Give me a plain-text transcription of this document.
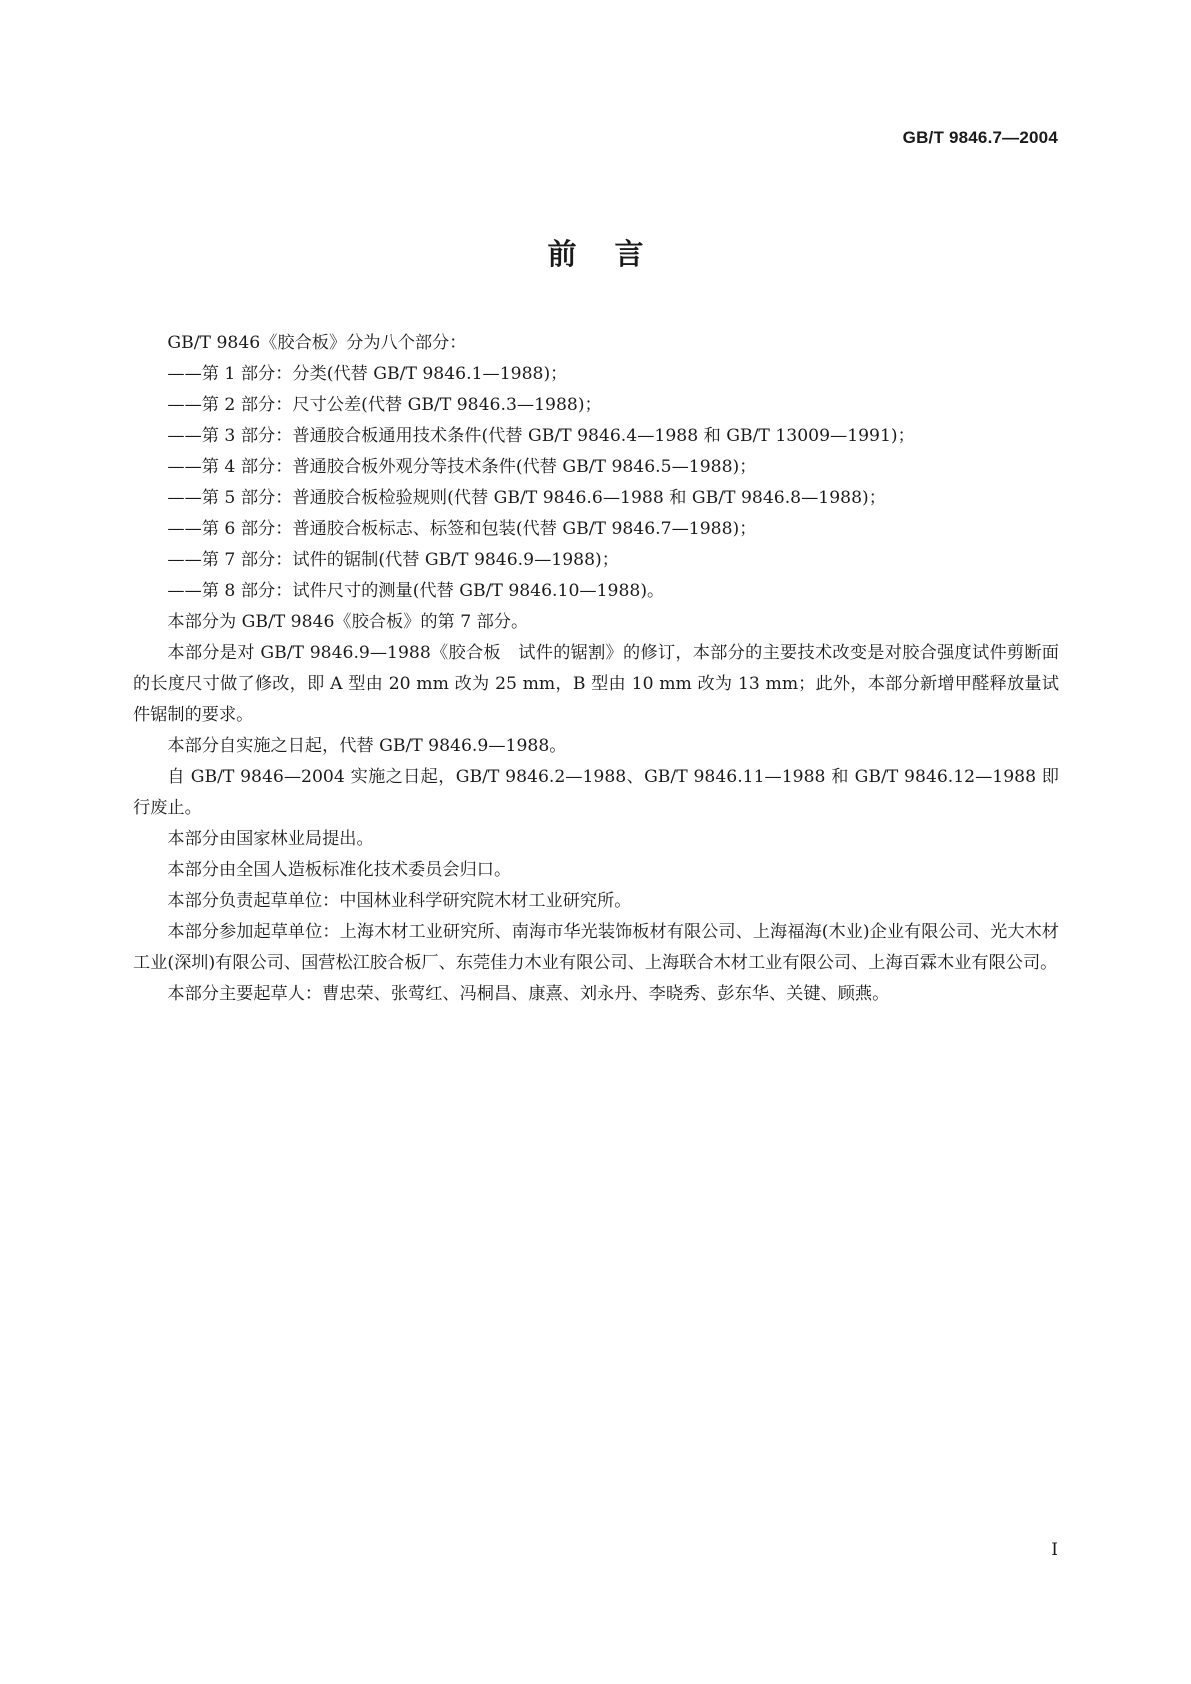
GB/T 9846.7—2004
前言

GB/T 9846《胶合板》分为八个部分：

——第 1 部分：分类(代替 GB/T 9846.1—1988)；

——第 2 部分：尺寸公差(代替 GB/T 9846.3—1988)；

——第 3 部分：普通胶合板通用技术条件(代替 GB/T 9846.4—1988 和 GB/T 13009—1991)；

——第 4 部分：普通胶合板外观分等技术条件(代替 GB/T 9846.5—1988)；

——第 5 部分：普通胶合板检验规则(代替 GB/T 9846.6—1988 和 GB/T 9846.8—1988)；

——第 6 部分：普通胶合板标志、标签和包装(代替 GB/T 9846.7—1988)；

——第 7 部分：试件的锯制(代替 GB/T 9846.9—1988)；

——第 8 部分：试件尺寸的测量(代替 GB/T 9846.10—1988)。

本部分为 GB/T 9846《胶合板》的第 7 部分。

本部分是对 GB/T 9846.9—1988《胶合板　试件的锯割》的修订，本部分的主要技术改变是对胶合强度试件剪断面的长度尺寸做了修改，即 A 型由 20 mm 改为 25 mm，B 型由 10 mm 改为 13 mm；此外，本部分新增甲醛释放量试件锯制的要求。

本部分自实施之日起，代替 GB/T 9846.9—1988。

自 GB/T 9846—2004 实施之日起，GB/T 9846.2—1988、GB/T 9846.11—1988 和 GB/T 9846.12—1988 即行废止。

本部分由国家林业局提出。

本部分由全国人造板标准化技术委员会归口。

本部分负责起草单位：中国林业科学研究院木材工业研究所。

本部分参加起草单位：上海木材工业研究所、南海市华光装饰板材有限公司、上海福海(木业)企业有限公司、光大木材工业(深圳)有限公司、国营松江胶合板厂、东莞佳力木业有限公司、上海联合木材工业有限公司、上海百霖木业有限公司。

本部分主要起草人：曹忠荣、张莺红、冯桐昌、康熹、刘永丹、李晓秀、彭东华、关键、顾燕。

I
